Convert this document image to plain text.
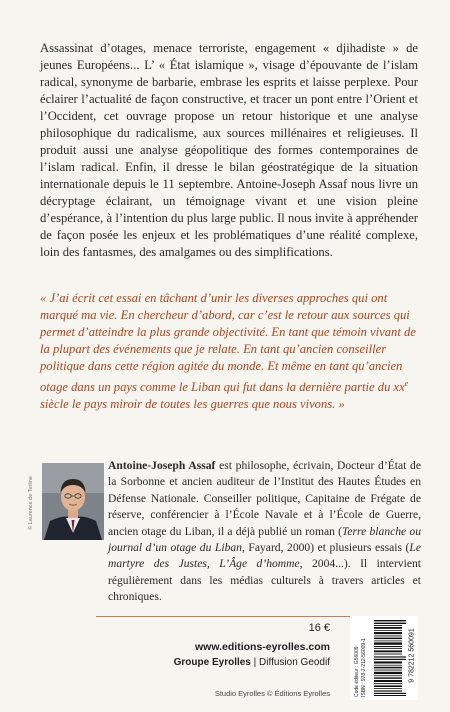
Assassinat d’otages, menace terroriste, engagement « djihadiste » de jeunes Européens... L’ « État islamique », visage d’épouvante de l’islam radical, synonyme de barbarie, embrase les esprits et laisse perplexe. Pour éclairer l’actualité de façon constructive, et tracer un pont entre l’Orient et l’Occident, cet ouvrage propose un retour historique et une analyse philosophique du radicalisme, aux sources millénaires et religieuses. Il produit aussi une analyse géopolitique des formes contemporaines de l’islam radical. Enfin, il dresse le bilan géostratégique de la situation internationale depuis le 11 septembre. Antoine-Joseph Assaf nous livre un décryptage éclairant, un témoignage vivant et une vision pleine d’espérance, à l’intention du plus large public. Il nous invite à appréhender de façon posée les enjeux et les problématiques d’une réalité complexe, loin des fantasmes, des amalgames ou des simplifications.

« J’ai écrit cet essai en tâchant d’unir les diverses approches qui ont marqué ma vie. En chercheur d’abord, car c’est le retour aux sources qui permet d’atteindre la plus grande objectivité. En tant que témoin vivant de la plupart des événements que je relate. En tant qu’ancien conseiller politique dans cette région agitée du monde. Et même en tant qu’ancien otage dans un pays comme le Liban qui fut dans la dernière partie du $xx^e$ siècle le pays miroir de toutes les guerres que nous vivons. »

© Laurence de Terline
Antoine-Joseph Assaf est philosophe, écrivain, Docteur d’État de la Sorbonne et ancien auditeur de l’Institut des Hautes Études en Défense Nationale. Conseiller politique, Capitaine de Frégate de réserve, conférencier à l’École Navale et à l’École de Guerre, ancien otage du Liban, il a déjà publié un roman (Terre blanche ou journal d’un otage du Liban, Fayard, 2000) et plusieurs essais (Le martyre des Justes, L’Âge d’homme, 2004...). Il intervient régulièrement dans les médias culturels à travers articles et chroniques.
16 €
www.editions-eyrolles.com
Groupe Eyrolles | Diffusion Geodif
Studio Eyrolles © Éditions Eyrolles	Code éditeur : G56009 ISBN : 978-2-212-56009-1	9 782212 560091
